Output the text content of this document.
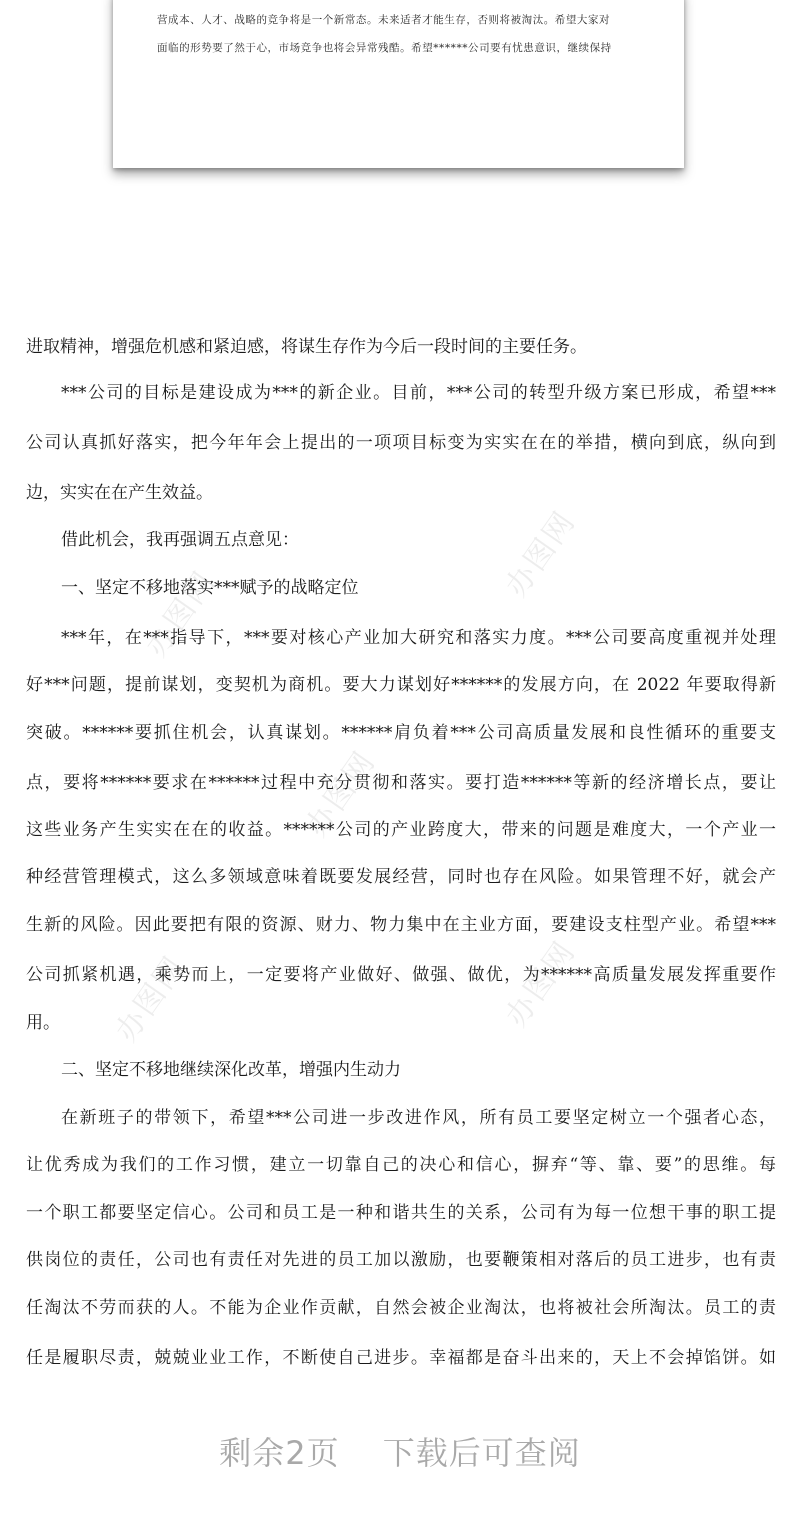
营成本、人才、战略的竞争将是一个新常态。未来适者才能生存，否则将被淘汰。希望大家对

面临的形势要了然于心，市场竞争也将会异常残酷。希望******公司要有忧患意识，继续保持

办图网
办图网
办图网
办图网
办图网
进取精神，增强危机感和紧迫感，将谋生存作为今后一段时间的主要任务。
***公司的目标是建设成为***的新企业。目前，***公司的转型升级方案已形成，希望***
公司认真抓好落实，把今年年会上提出的一项项目标变为实实在在的举措，横向到底，纵向到
边，实实在在产生效益。
借此机会，我再强调五点意见：
一、坚定不移地落实***赋予的战略定位
***年，在***指导下，***要对核心产业加大研究和落实力度。***公司要高度重视并处理
好***问题，提前谋划，变契机为商机。要大力谋划好******的发展方向，在 2022 年要取得新
突破。******要抓住机会，认真谋划。******肩负着***公司高质量发展和良性循环的重要支
点，要将******要求在******过程中充分贯彻和落实。要打造******等新的经济增长点，要让
这些业务产生实实在在的收益。******公司的产业跨度大，带来的问题是难度大，一个产业一
种经营管理模式，这么多领域意味着既要发展经营，同时也存在风险。如果管理不好，就会产
生新的风险。因此要把有限的资源、财力、物力集中在主业方面，要建设支柱型产业。希望***
公司抓紧机遇，乘势而上，一定要将产业做好、做强、做优，为******高质量发展发挥重要作
用。
二、坚定不移地继续深化改革，增强内生动力
在新班子的带领下，希望***公司进一步改进作风，所有员工要坚定树立一个强者心态，
让优秀成为我们的工作习惯，建立一切靠自己的决心和信心，摒弃“等、靠、要”的思维。每
一个职工都要坚定信心。公司和员工是一种和谐共生的关系，公司有为每一位想干事的职工提
供岗位的责任，公司也有责任对先进的员工加以激励，也要鞭策相对落后的员工进步，也有责
任淘汰不劳而获的人。不能为企业作贡献，自然会被企业淘汰，也将被社会所淘汰。员工的责
任是履职尽责，兢兢业业工作，不断使自己进步。幸福都是奋斗出来的，天上不会掉馅饼。如
剩余2页 下载后可查阅
